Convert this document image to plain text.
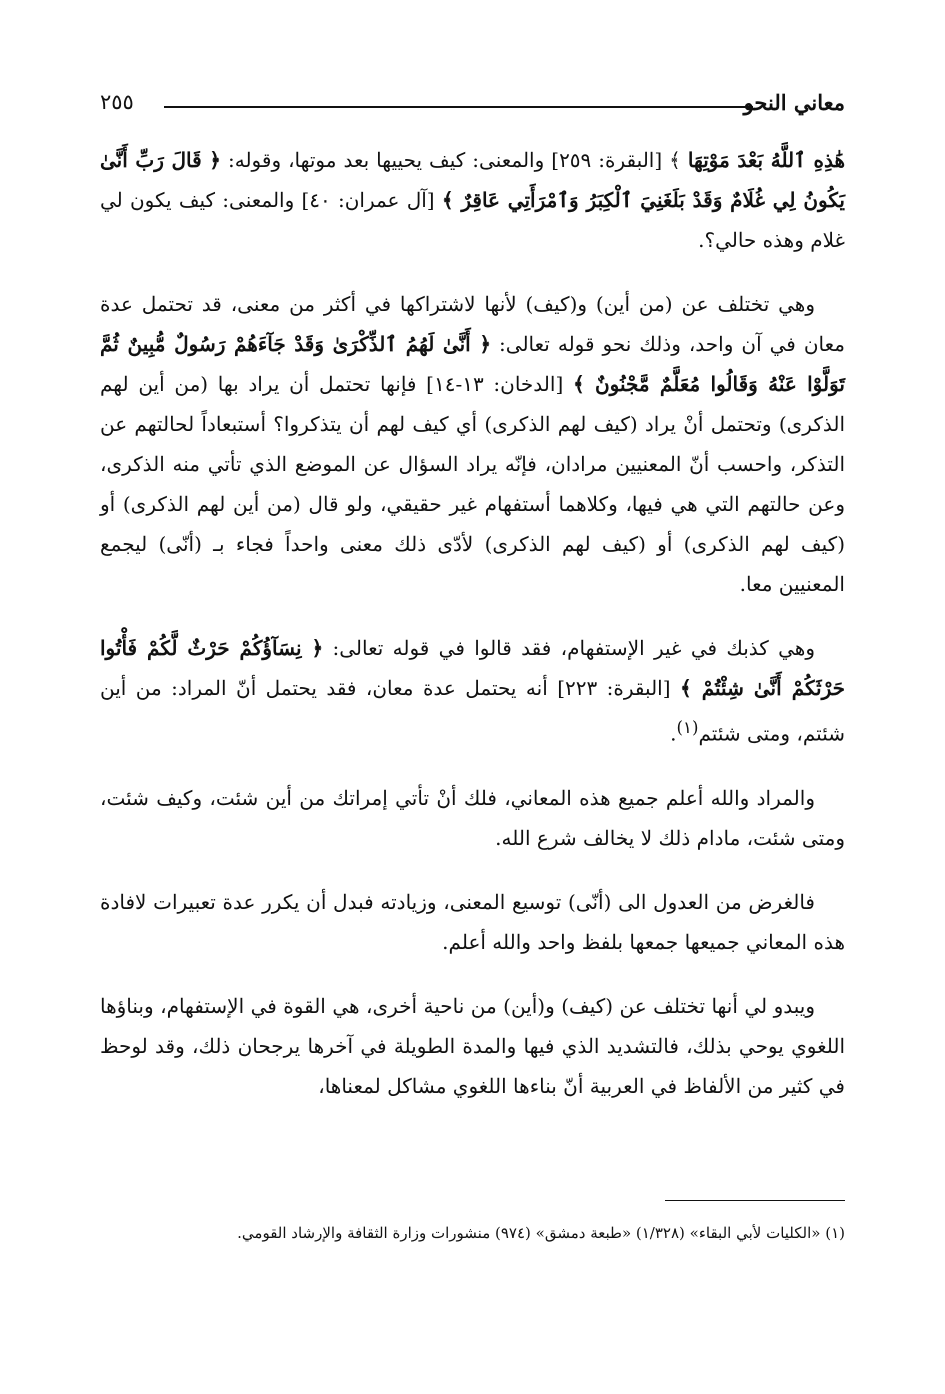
معاني النحو
٢٥٥

هَٰذِهِ ٱللَّهُ بَعْدَ مَوْتِهَا ﴾ [البقرة: ٢٥٩] والمعنى: كيف يحييها بعد موتها، وقوله: ﴿ قَالَ رَبِّ أَنَّىٰ يَكُونُ لِي غُلَامٌ وَقَدْ بَلَغَنِيَ ٱلْكِبَرُ وَٱمْرَأَتِي عَاقِرٌ ﴾ [آل عمران: ٤٠] والمعنى: كيف يكون لي غلام وهذه حالي؟.

وهي تختلف عن (من أين) و(كيف) لأنها لاشتراكها في أكثر من معنى، قد تحتمل عدة معان في آن واحد، وذلك نحو قوله تعالى: ﴿ أَنَّىٰ لَهُمُ ٱلذِّكْرَىٰ وَقَدْ جَآءَهُمْ رَسُولٌ مُّبِينٌ ثُمَّ تَوَلَّوْا عَنْهُ وَقَالُوا مُعَلَّمٌ مَّجْنُونٌ ﴾ [الدخان: ١٣-١٤] فإنها تحتمل أن يراد بها (من أين لهم الذكرى) وتحتمل أنْ يراد (كيف لهم الذكرى) أي كيف لهم أن يتذكروا؟ أستبعاداً لحالتهم عن التذكر، واحسب أنّ المعنيين مرادان، فإنّه يراد السؤال عن الموضع الذي تأتي منه الذكرى، وعن حالتهم التي هي فيها، وكلاهما أستفهام غير حقيقي، ولو قال (من أين لهم الذكرى) أو (كيف لهم الذكرى) أو (كيف لهم الذكرى) لأدّى ذلك معنى واحداً فجاء بـ (أنّى) ليجمع المعنيين معا.

وهي كذبك في غير الإستفهام، فقد قالوا في قوله تعالى: ﴿ نِسَآؤُكُمْ حَرْثٌ لَّكُمْ فَأْتُوا حَرْثَكُمْ أَنَّىٰ شِئْتُمْ ﴾ [البقرة: ٢٢٣] أنه يحتمل عدة معان، فقد يحتمل أنّ المراد: من أين شئتم، ومتى شئتم$^{(١)}$.

والمراد والله أعلم جميع هذه المعاني، فلك أنْ تأتي إمراتك من أين شئت، وكيف شئت، ومتى شئت، مادام ذلك لا يخالف شرع الله.

فالغرض من العدول الى (أنّى) توسيع المعنى، وزيادته فبدل أن يكرر عدة تعبيرات لافادة هذه المعاني جميعها جمعها بلفظ واحد والله أعلم.

ويبدو لي أنها تختلف عن (كيف) و(أين) من ناحية أخرى، هي القوة في الإستفهام، وبناؤها اللغوي يوحي بذلك، فالتشديد الذي فيها والمدة الطويلة في آخرها يرجحان ذلك، وقد لوحظ في كثير من الألفاظ في العربية أنّ بناءها اللغوي مشاكل لمعناها،

(١) «الكليات لأبي البقاء» (١/٣٢٨) «طبعة دمشق» (٩٧٤) منشورات وزارة الثقافة والإرشاد القومي.
